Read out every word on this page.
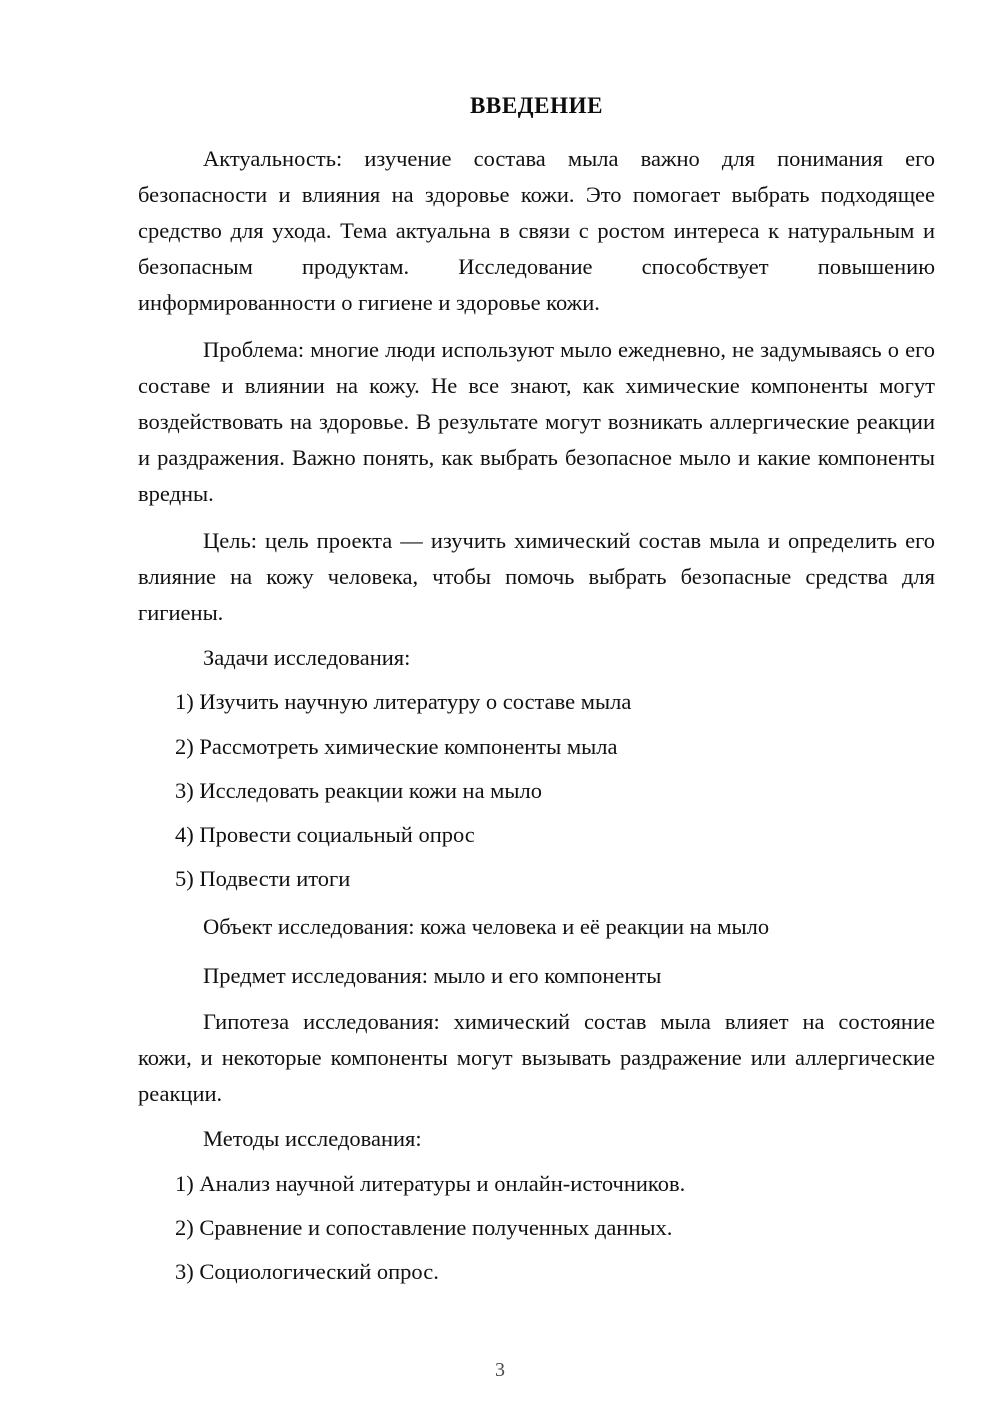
ВВЕДЕНИЕ

Актуальность: изучение состава мыла важно для понимания его безопасности и влияния на здоровье кожи. Это помогает выбрать подходящее средство для ухода. Тема актуальна в связи с ростом интереса к натуральным и безопасным продуктам. Исследование способствует повышению информированности о гигиене и здоровье кожи.

Проблема: многие люди используют мыло ежедневно, не задумываясь о его составе и влиянии на кожу. Не все знают, как химические компоненты могут воздействовать на здоровье. В результате могут возникать аллергические реакции и раздражения. Важно понять, как выбрать безопасное мыло и какие компоненты вредны.

Цель: цель проекта — изучить химический состав мыла и определить его влияние на кожу человека, чтобы помочь выбрать безопасные средства для гигиены.

Задачи исследования:

1) Изучить научную литературу о составе мыла
2) Рассмотреть химические компоненты мыла
3) Исследовать реакции кожи на мыло
4) Провести социальный опрос
5) Подвести итоги

Объект исследования: кожа человека и её реакции на мыло

Предмет исследования: мыло и его компоненты

Гипотеза исследования: химический состав мыла влияет на состояние кожи, и некоторые компоненты могут вызывать раздражение или аллергические реакции.

Методы исследования:

1) Анализ научной литературы и онлайн-источников.
2) Сравнение и сопоставление полученных данных.
3) Социологический опрос.
3
